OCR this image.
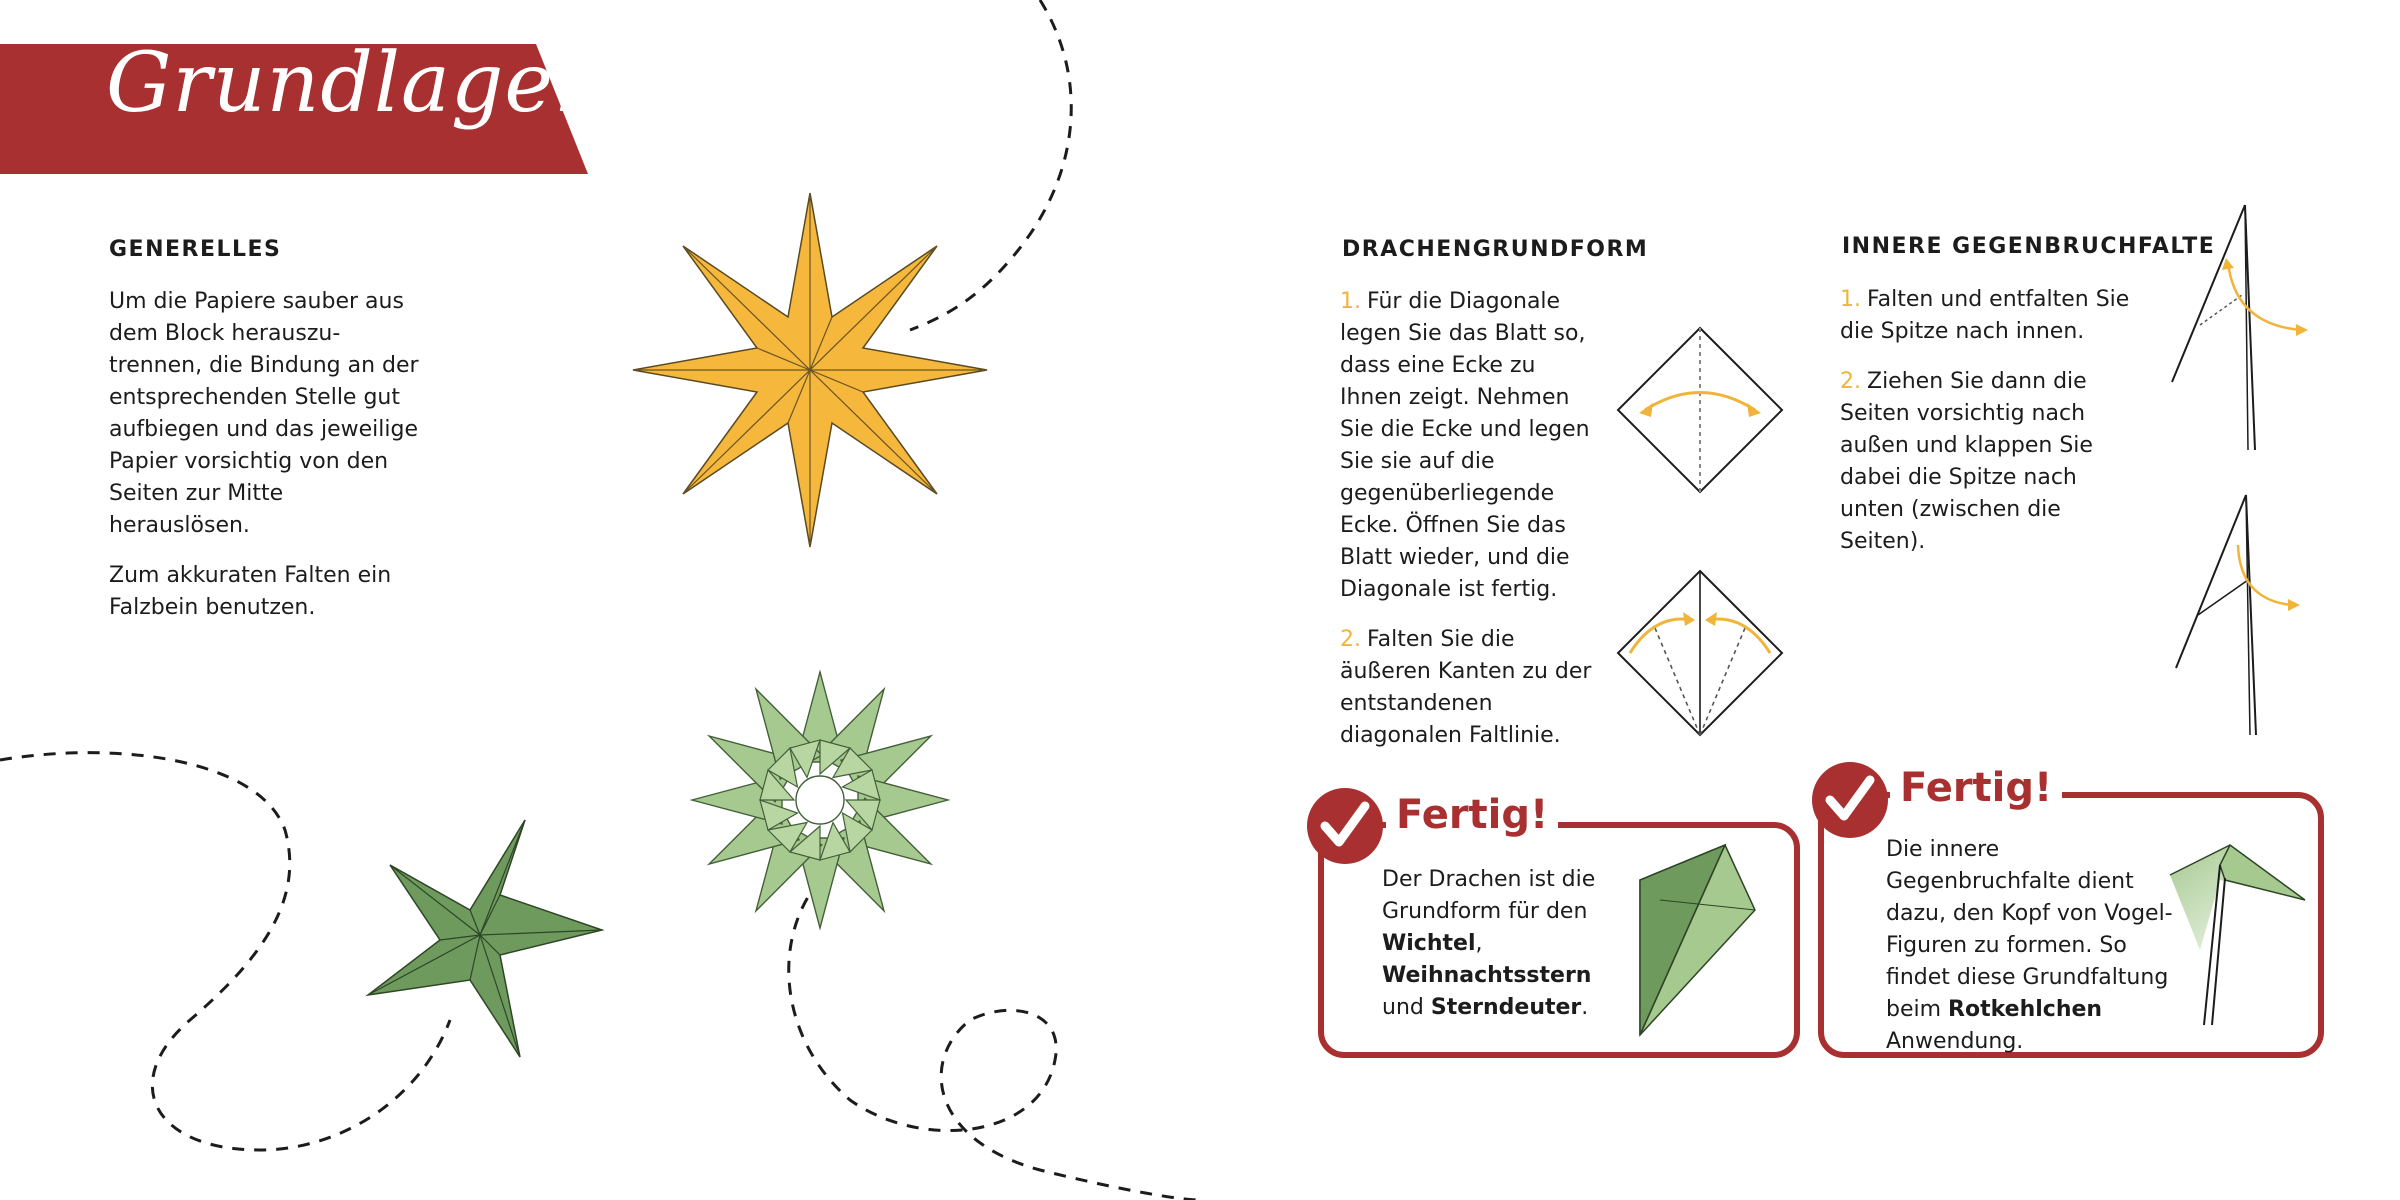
Grundlagen
GENERELLES

Um die Papiere sauber aus dem Block herauszutrennen, die Bindung an der entsprechenden Stelle gut aufbiegen und das jeweilige Papier vorsichtig von den Seiten zur Mitte herauslösen.

Zum akkuraten Falten ein Falzbein benutzen.

DRACHENGRUNDFORM

1. Für die Diagonale legen Sie das Blatt so, dass eine Ecke zu Ihnen zeigt. Nehmen Sie die Ecke und legen Sie sie auf die gegenüberliegende Ecke. Öffnen Sie das Blatt wieder, und die Diagonale ist fertig.

2. Falten Sie die äußeren Kanten zu der entstandenen diagonalen Faltlinie.

INNERE GEGENBRUCHFALTE

1. Falten und entfalten Sie die Spitze nach innen.

2. Ziehen Sie dann die Seiten vorsichtig nach außen und klappen Sie dabei die Spitze nach unten (zwischen die Seiten).

Fertig!
Der Drachen ist die Grundform für den Wichtel, Weihnachtsstern und Sterndeuter.
Fertig!
Die innere Gegenbruchfalte dient dazu, den Kopf von Vogel-Figuren zu formen. So findet diese Grundfaltung beim Rotkehlchen Anwendung.
